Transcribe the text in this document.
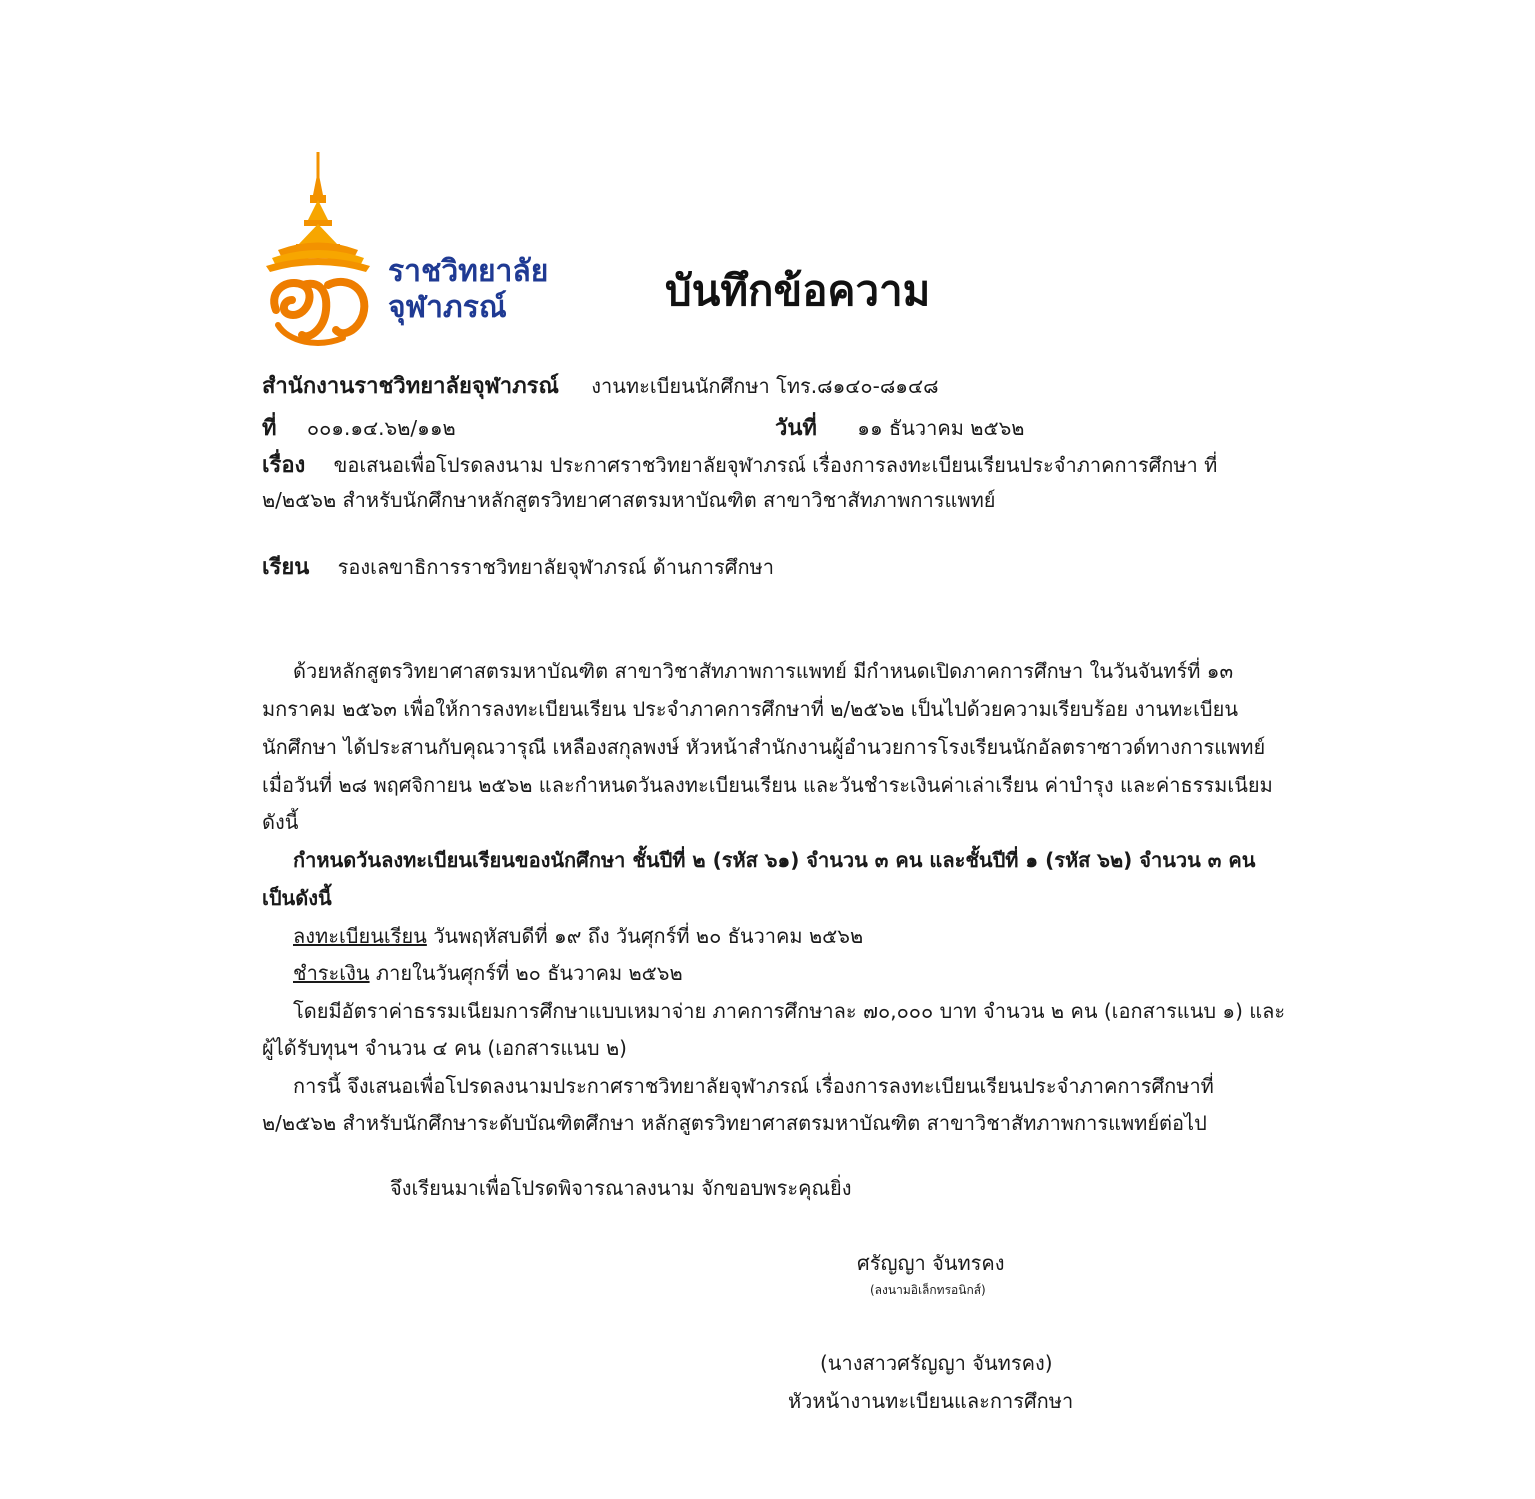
ราชวิทยาลัย
จุฬาภรณ์	บันทึกข้อความ
สำนักงานราชวิทยาลัยจุฬาภรณ์ งานทะเบียนนักศึกษา โทร.๘๑๔๐-๘๑๔๘
ที่ ๐๐๑.๑๔.๖๒/๑๑๒	วันที่ ๑๑ ธันวาคม ๒๕๖๒
เรื่อง ขอเสนอเพื่อโปรดลงนาม ประกาศราชวิทยาลัยจุฬาภรณ์ เรื่องการลงทะเบียนเรียนประจำภาคการศึกษา ที่
๒/๒๕๖๒ สำหรับนักศึกษาหลักสูตรวิทยาศาสตรมหาบัณฑิต สาขาวิชาสัทภาพการแพทย์
เรียน รองเลขาธิการราชวิทยาลัยจุฬาภรณ์ ด้านการศึกษา
ด้วยหลักสูตรวิทยาศาสตรมหาบัณฑิต สาขาวิชาสัทภาพการแพทย์ มีกำหนดเปิดภาคการศึกษา ในวันจันทร์ที่ ๑๓
มกราคม ๒๕๖๓ เพื่อให้การลงทะเบียนเรียน ประจำภาคการศึกษาที่ ๒/๒๕๖๒ เป็นไปด้วยความเรียบร้อย งานทะเบียน
นักศึกษา ได้ประสานกับคุณวารุณี เหลืองสกุลพงษ์ หัวหน้าสำนักงานผู้อำนวยการโรงเรียนนักอัลตราซาวด์ทางการแพทย์
เมื่อวันที่ ๒๘ พฤศจิกายน ๒๕๖๒ และกำหนดวันลงทะเบียนเรียน และวันชำระเงินค่าเล่าเรียน ค่าบำรุง และค่าธรรมเนียม
ดังนี้
กำหนดวันลงทะเบียนเรียนของนักศึกษา ชั้นปีที่ ๒ (รหัส ๖๑) จำนวน ๓ คน และชั้นปีที่ ๑ (รหัส ๖๒) จำนวน ๓ คน
เป็นดังนี้
ลงทะเบียนเรียน วันพฤหัสบดีที่ ๑๙ ถึง วันศุกร์ที่ ๒๐ ธันวาคม ๒๕๖๒
ชำระเงิน ภายในวันศุกร์ที่ ๒๐ ธันวาคม ๒๕๖๒
โดยมีอัตราค่าธรรมเนียมการศึกษาแบบเหมาจ่าย ภาคการศึกษาละ ๗๐,๐๐๐ บาท จำนวน ๒ คน (เอกสารแนบ ๑) และ
ผู้ได้รับทุนฯ จำนวน ๔ คน (เอกสารแนบ ๒)
การนี้ จึงเสนอเพื่อโปรดลงนามประกาศราชวิทยาลัยจุฬาภรณ์ เรื่องการลงทะเบียนเรียนประจำภาคการศึกษาที่
๒/๒๕๖๒ สำหรับนักศึกษาระดับบัณฑิตศึกษา หลักสูตรวิทยาศาสตรมหาบัณฑิต สาขาวิชาสัทภาพการแพทย์ต่อไป
จึงเรียนมาเพื่อโปรดพิจารณาลงนาม จักขอบพระคุณยิ่ง
ศรัญญา จันทรคง
(ลงนามอิเล็กทรอนิกส์)
(นางสาวศรัญญา จันทรคง)
หัวหน้างานทะเบียนและการศึกษา
